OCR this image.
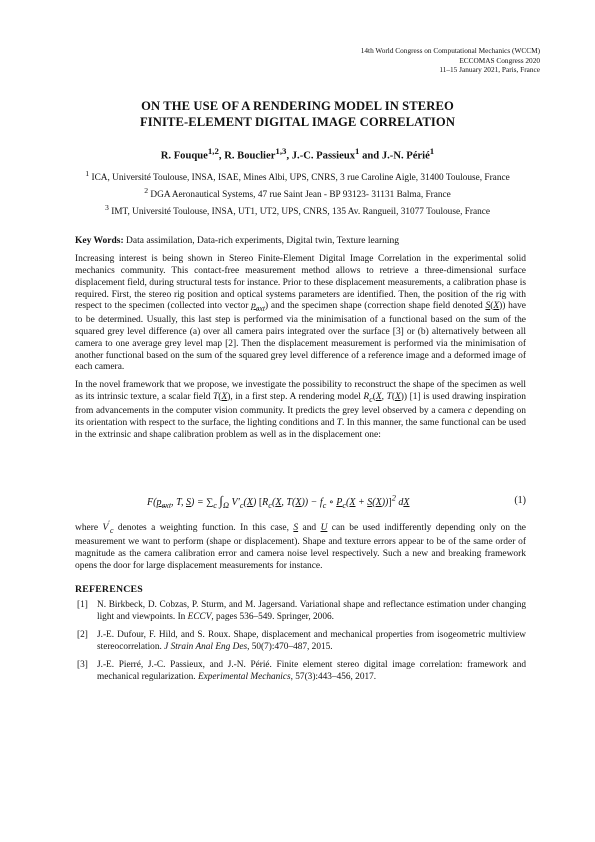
14th World Congress on Computational Mechanics (WCCM)
ECCOMAS Congress 2020
11–15 January 2021, Paris, France
ON THE USE OF A RENDERING MODEL IN STEREO
FINITE-ELEMENT DIGITAL IMAGE CORRELATION
R. Fouque$^{1,2}$, R. Bouclier$^{1,3}$, J.-C. Passieux$^1$ and J.-N. Périé$^1$
$^1$ ICA, Université Toulouse, INSA, ISAE, Mines Albi, UPS, CNRS, 3 rue Caroline Aigle, 31400 Toulouse, France
$^2$ DGA Aeronautical Systems, 47 rue Saint Jean - BP 93123- 31131 Balma, France
$^3$ IMT, Université Toulouse, INSA, UT1, UT2, UPS, CNRS, 135 Av. Rangueil, 31077 Toulouse, France
Key Words: Data assimilation, Data-rich experiments, Digital twin, Texture learning

Increasing interest is being shown in Stereo Finite-Element Digital Image Correlation in the experimental solid mechanics community. This contact-free measurement method allows to retrieve a three-dimensional surface displacement field, during structural tests for instance. Prior to these displacement measurements, a calibration phase is required. First, the stereo rig position and optical systems parameters are identified. Then, the position of the rig with respect to the specimen (collected into vector $p_{ext}$) and the specimen shape (correction shape field denoted S(X)) have to be determined. Usually, this last step is performed via the minimisation of a functional based on the sum of the squared grey level difference (a) over all camera pairs integrated over the surface [3] or (b) alternatively between all camera to one average grey level map [2]. Then the displacement measurement is performed via the minimisation of another functional based on the sum of the squared grey level difference of a reference image and a deformed image of each camera.

In the novel framework that we propose, we investigate the possibility to reconstruct the shape of the specimen as well as its intrinsic texture, a scalar field T(X), in a first step. A rendering model $R_c(X$, T(X)) [1] is used drawing inspiration from advancements in the computer vision community. It predicts the grey level observed by a camera c depending on its orientation with respect to the surface, the lighting conditions and T. In this manner, the same functional can be used in the extrinsic and shape calibration problem as well as in the displacement one:

$F(p_{ext}$, T, $S) = \sum_c$ $\int_\Omega$ $V'_c(X)$ [$R_c(X$, $T(X)) - f_c$ ∘ $P_c(X + S(X))]^2$ dX	(1)
where $V'_c$ denotes a weighting function. In this case, S and U can be used indifferently depending only on the measurement we want to perform (shape or displacement). Shape and texture errors appear to be of the same order of magnitude as the camera calibration error and camera noise level respectively. Such a new and breaking framework opens the door for large displacement measurements for instance.
REFERENCES
[1] N. Birkbeck, D. Cobzas, P. Sturm, and M. Jagersand. Variational shape and reflectance estimation under changing light and viewpoints. In ECCV, pages 536–549. Springer, 2006.
[2] J.-E. Dufour, F. Hild, and S. Roux. Shape, displacement and mechanical properties from isogeometric multiview stereocorrelation. J Strain Anal Eng Des, 50(7):470–487, 2015.
[3] J.-E. Pierré, J.-C. Passieux, and J.-N. Périé. Finite element stereo digital image correlation: framework and mechanical regularization. Experimental Mechanics, 57(3):443–456, 2017.
